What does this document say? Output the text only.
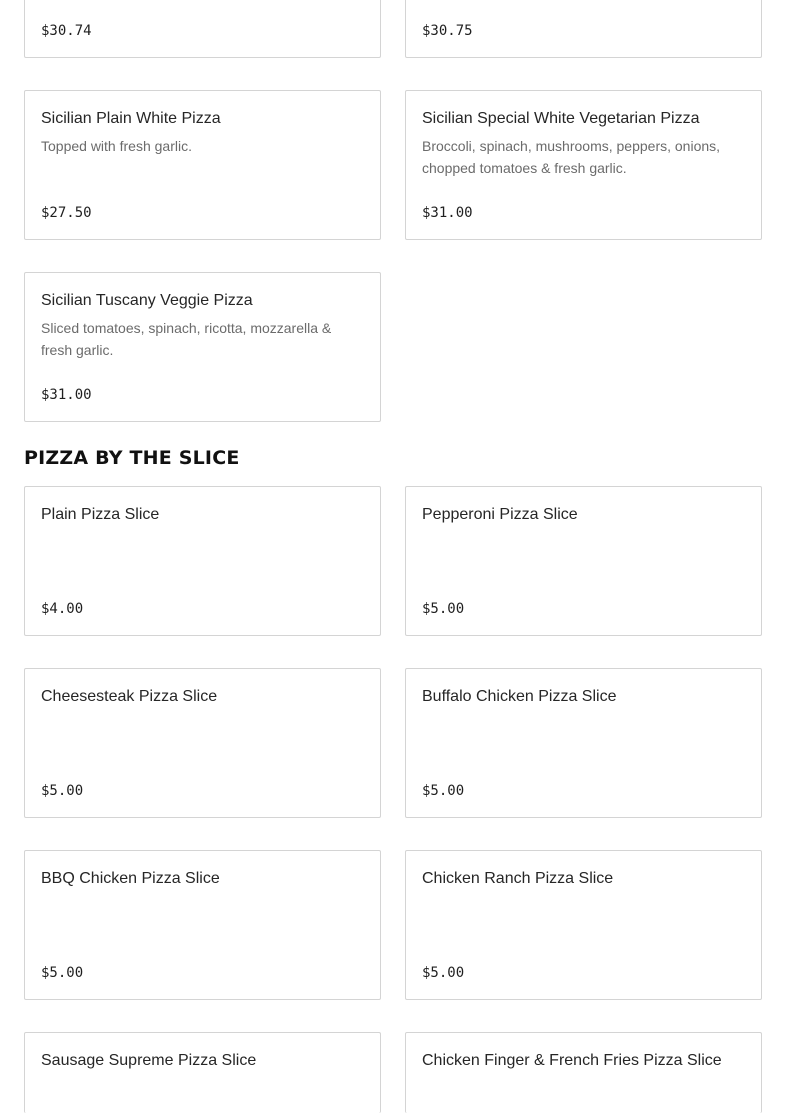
$30.74	$30.75
Sicilian Plain White Pizza
Topped with fresh garlic.
$27.50
Sicilian Special White Vegetarian Pizza
Broccoli, spinach, mushrooms, peppers, onions, chopped tomatoes & fresh garlic.
$31.00
Sicilian Tuscany Veggie Pizza
Sliced tomatoes, spinach, ricotta, mozzarella & fresh garlic.
$31.00
PIZZA BY THE SLICE
Plain Pizza Slice
$4.00
Pepperoni Pizza Slice
$5.00
Cheesesteak Pizza Slice
$5.00
Buffalo Chicken Pizza Slice
$5.00
BBQ Chicken Pizza Slice
$5.00
Chicken Ranch Pizza Slice
$5.00
Sausage Supreme Pizza Slice	Chicken Finger & French Fries Pizza Slice
